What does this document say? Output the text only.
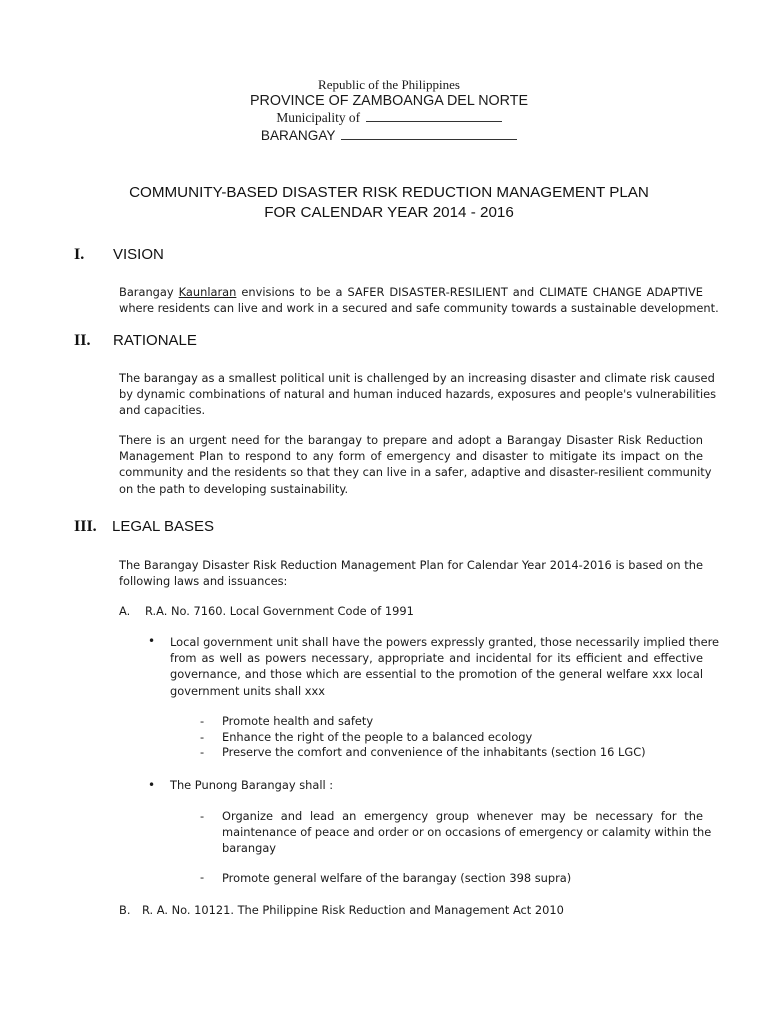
Republic of the Philippines
PROVINCE OF ZAMBOANGA DEL NORTE
Municipality of
BARANGAY
COMMUNITY-BASED DISASTER RISK REDUCTION MANAGEMENT PLAN
FOR CALENDAR YEAR 2014 - 2016
I. VISION
Barangay Kaunlaran envisions to be a SAFER DISASTER-RESILIENT and CLIMATE CHANGE ADAPTIVE
where residents can live and work in a secured and safe community towards a sustainable development.
II. RATIONALE
The barangay as a smallest political unit is challenged by an increasing disaster and climate risk caused
by dynamic combinations of natural and human induced hazards, exposures and people's vulnerabilities
and capacities.
There is an urgent need for the barangay to prepare and adopt a Barangay Disaster Risk Reduction
Management Plan to respond to any form of emergency and disaster to mitigate its impact on the
community and the residents so that they can live in a safer, adaptive and disaster-resilient community
on the path to developing sustainability.
III. LEGAL BASES
The Barangay Disaster Risk Reduction Management Plan for Calendar Year 2014-2016 is based on the
following laws and issuances:
A. R.A. No. 7160. Local Government Code of 1991
• Local government unit shall have the powers expressly granted, those necessarily implied there
from as well as powers necessary, appropriate and incidental for its efficient and effective
governance, and those which are essential to the promotion of the general welfare xxx local
government units shall xxx
- Promote health and safety
- Enhance the right of the people to a balanced ecology
- Preserve the comfort and convenience of the inhabitants (section 16 LGC)
• The Punong Barangay shall :
- Organize and lead an emergency group whenever may be necessary for the
maintenance of peace and order or on occasions of emergency or calamity within the
barangay
- Promote general welfare of the barangay (section 398 supra)
B. R. A. No. 10121. The Philippine Risk Reduction and Management Act 2010
